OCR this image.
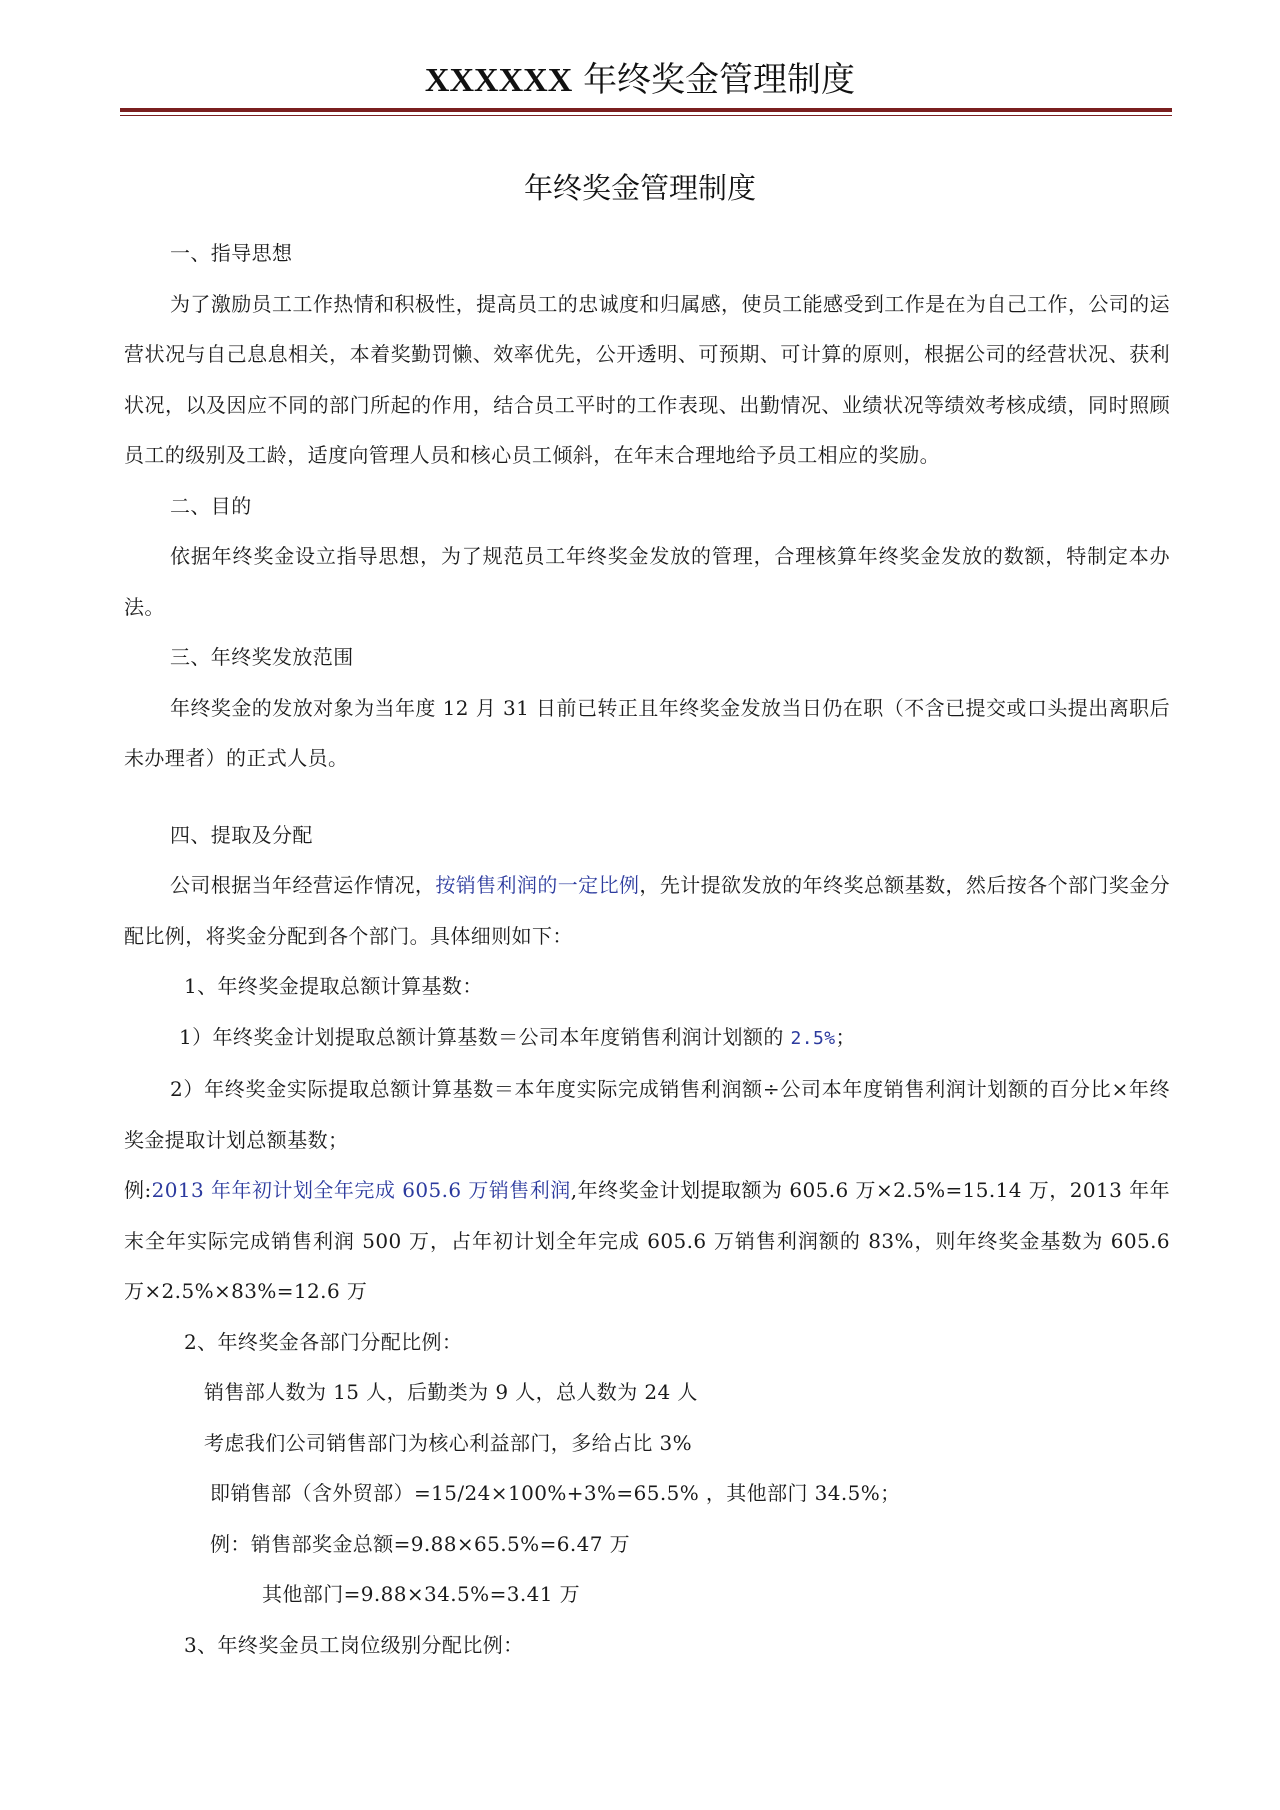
XXXXXX 年终奖金管理制度
年终奖金管理制度

一、指导思想

为了激励员工工作热情和积极性，提高员工的忠诚度和归属感，使员工能感受到工作是在为自己工作，公司的运营状况与自己息息相关，本着奖勤罚懒、效率优先，公开透明、可预期、可计算的原则，根据公司的经营状况、获利状况，以及因应不同的部门所起的作用，结合员工平时的工作表现、出勤情况、业绩状况等绩效考核成绩，同时照顾员工的级别及工龄，适度向管理人员和核心员工倾斜，在年末合理地给予员工相应的奖励。

二、目的

依据年终奖金设立指导思想，为了规范员工年终奖金发放的管理，合理核算年终奖金发放的数额，特制定本办法。

三、年终奖发放范围

年终奖金的发放对象为当年度 12 月 31 日前已转正且年终奖金发放当日仍在职（不含已提交或口头提出离职后未办理者）的正式人员。

四、提取及分配

公司根据当年经营运作情况，按销售利润的一定比例，先计提欲发放的年终奖总额基数，然后按各个部门奖金分配比例，将奖金分配到各个部门。具体细则如下：

1、年终奖金提取总额计算基数：

1）年终奖金计划提取总额计算基数＝公司本年度销售利润计划额的 2.5%；

2）年终奖金实际提取总额计算基数＝本年度实际完成销售利润额÷公司本年度销售利润计划额的百分比×年终奖金提取计划总额基数；

例:2013 年年初计划全年完成 605.6 万销售利润,年终奖金计划提取额为 605.6 万×2.5%=15.14 万，2013 年年末全年实际完成销售利润 500 万，占年初计划全年完成 605.6 万销售利润额的 83%，则年终奖金基数为 605.6 万×2.5%×83%=12.6 万

2、年终奖金各部门分配比例：

销售部人数为 15 人，后勤类为 9 人，总人数为 24 人

考虑我们公司销售部门为核心利益部门，多给占比 3%

即销售部（含外贸部）=15/24×100%+3%=65.5% ，其他部门 34.5%；

例：销售部奖金总额=9.88×65.5%=6.47 万

其他部门=9.88×34.5%=3.41 万

3、年终奖金员工岗位级别分配比例：
